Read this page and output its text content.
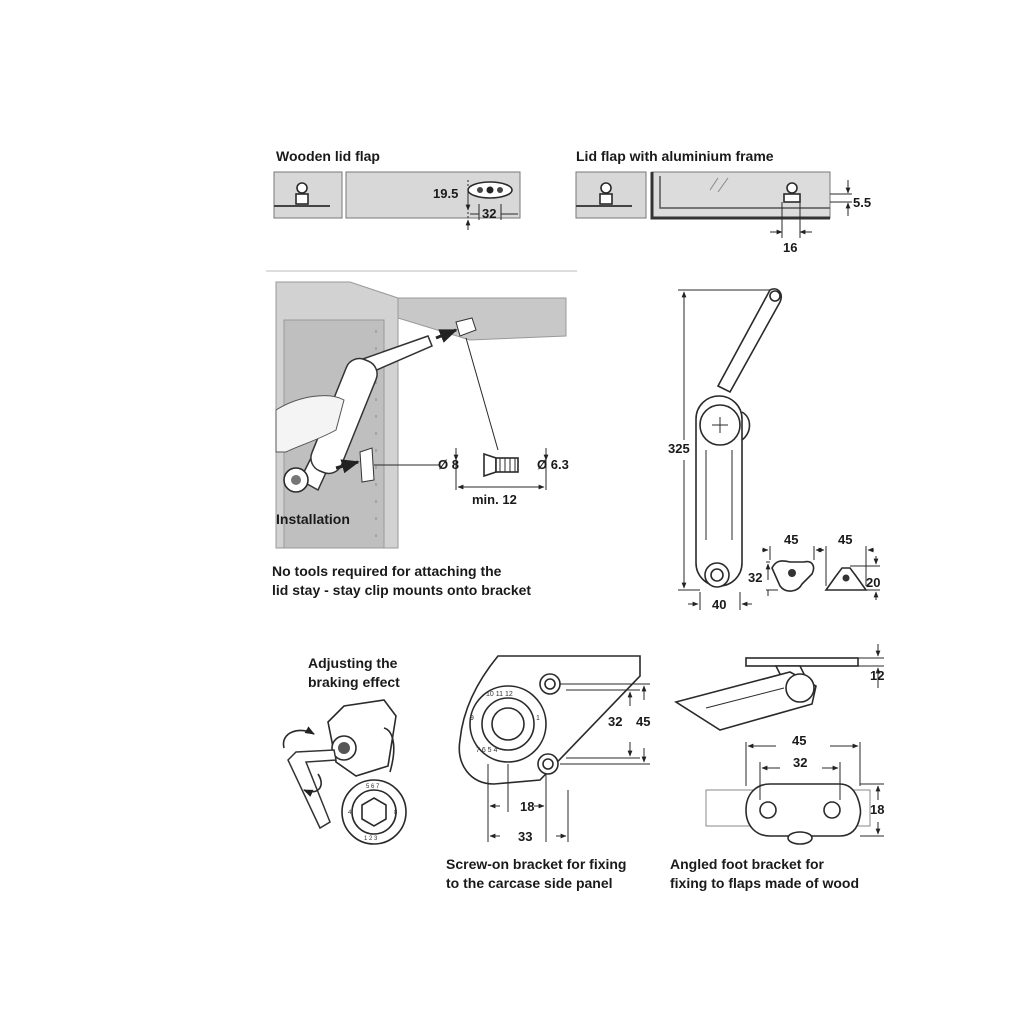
Wooden lid flap
19.5
32
Lid flap with aluminium frame
5.5
16
Installation
Ø 8	Ø 6.3
min. 12
No tools required for attaching the
lid stay - stay clip mounts onto bracket
325
40
45
32
45
20
Adjusting the
braking effect
5 6 7
8
4
1 2 3
10 11 12
9	1
7 6 5 4
32 45
18
33
Screw-on bracket for fixing
to the carcase side panel
12
45
32
18
Angled foot bracket for
fixing to flaps made of wood
